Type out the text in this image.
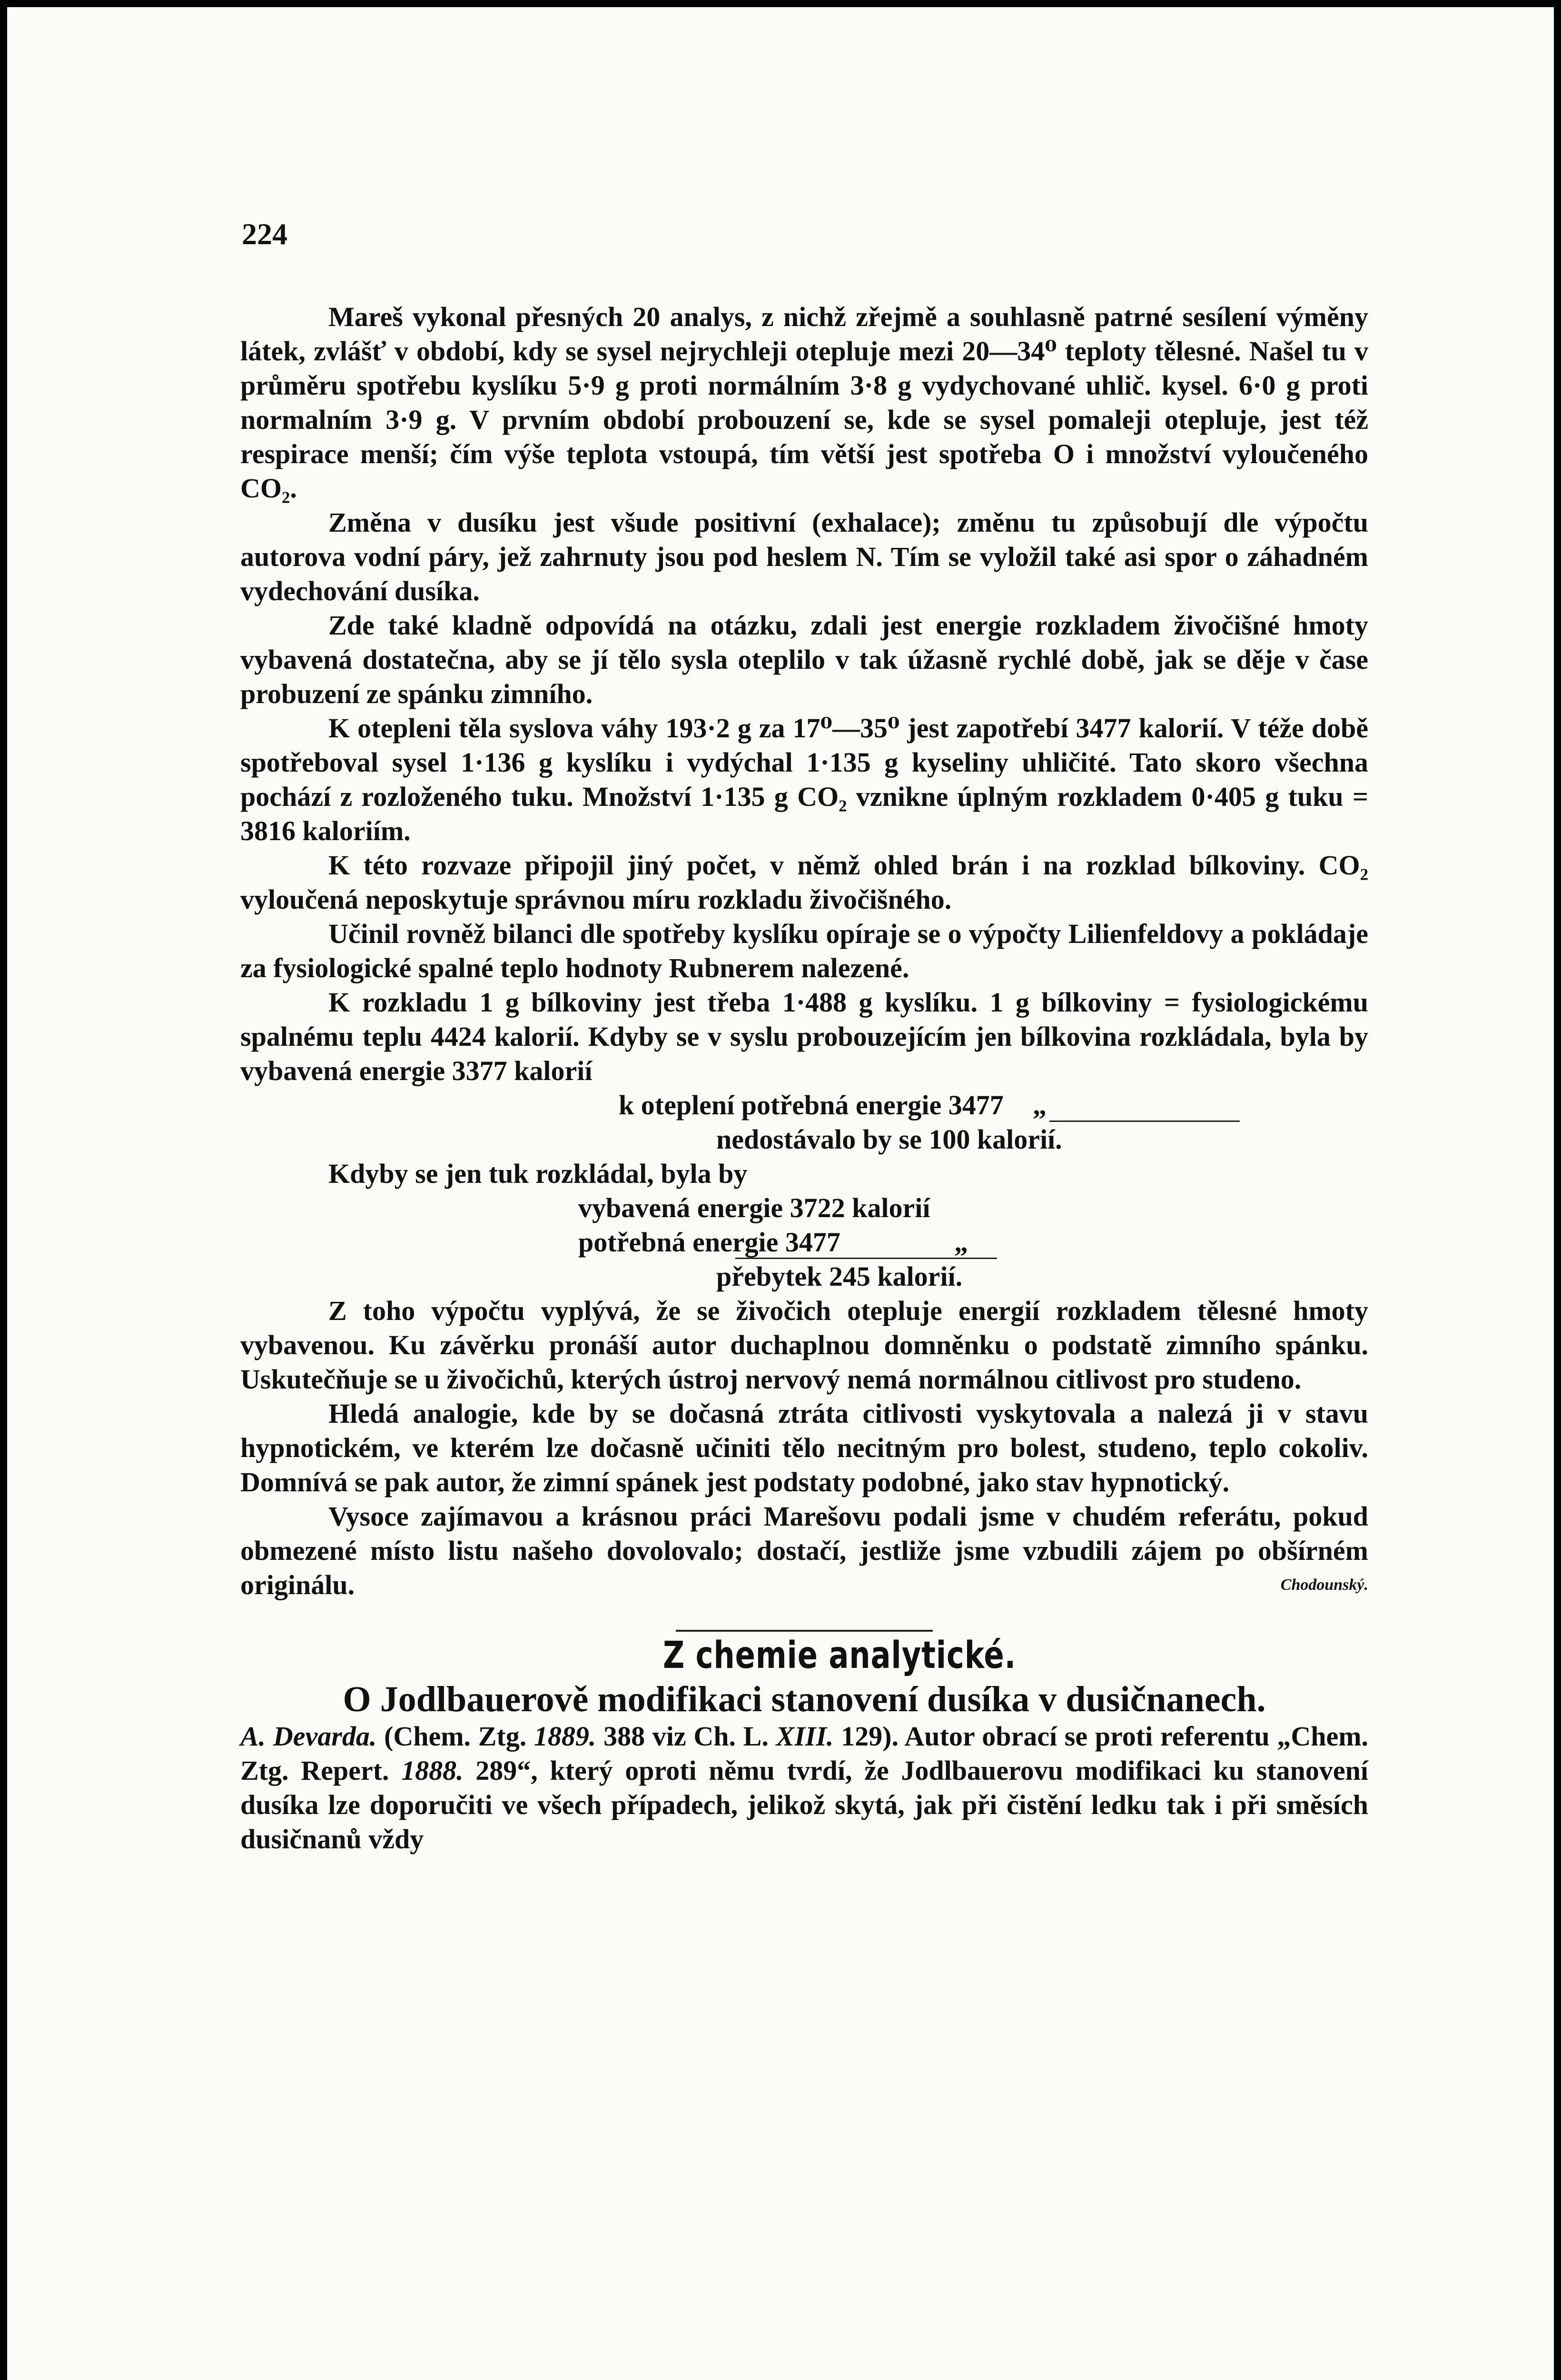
224

Mareš vykonal přesných 20 analys, z nichž zřejmě a souhlasně patrné sesílení výměny látek, zvlášť v období, kdy se sysel nejrychleji otepluje mezi 20—34⁰ teploty tělesné. Našel tu v průměru spotřebu kyslíku 5·9 g proti normálním 3·8 g vydychované uhlič. kysel. 6·0 g proti normalním 3·9 g. V prvním období probouzení se, kde se sysel pomaleji otepluje, jest též respirace menší; čím výše teplota vstoupá, tím větší jest spotřeba O i množství vyloučeného CO₂.

Změna v dusíku jest všude positivní (exhalace); změnu tu způsobují dle výpočtu autorova vodní páry, jež zahrnuty jsou pod heslem N. Tím se vyložil také asi spor o záhadném vydechování dusíka.

Zde také kladně odpovídá na otázku, zdali jest energie rozkladem živočišné hmoty vybavená dostatečna, aby se jí tělo sysla oteplilo v tak úžasně rychlé době, jak se děje v čase probuzení ze spánku zimního.

K otepleni těla syslova váhy 193·2 g za 17⁰—35⁰ jest zapotřebí 3477 kalorií. V téže době spotřeboval sysel 1·136 g kyslíku i vydýchal 1·135 g kyseliny uhličité. Tato skoro všechna pochází z rozloženého tuku. Množství 1·135 g CO₂ vznikne úplným rozkladem 0·405 g tuku = 3816 kaloriím.

K této rozvaze připojil jiný počet, v němž ohled brán i na rozklad bílkoviny. CO₂ vyloučená neposkytuje správnou míru rozkladu živočišného.

Učinil rovněž bilanci dle spotřeby kyslíku opíraje se o výpočty Lilienfeldovy a pokládaje za fysiologické spalné teplo hodnoty Rubnerem nalezené.

K rozkladu 1 g bílkoviny jest třeba 1·488 g kyslíku. 1 g bílkoviny = fysiologickému spalnému teplu 4424 kalorií. Kdyby se v syslu probouzejícím jen bílkovina rozkládala, byla by vybavená energie 3377 kalorií

k oteplení potřebná energie 3477 „
nedostávalo by se 100 kalorií.
Kdyby se jen tuk rozkládal, byla by
vybavená energie 3722 kalorií
potřebná energie 3477	„
přebytek 245 kalorií.

Z toho výpočtu vyplývá, že se živočich otepluje energií rozkladem tělesné hmoty vybavenou. Ku závěrku pronáší autor duchaplnou domněnku o podstatě zimního spánku. Uskutečňuje se u živočichů, kterých ústroj nervový nemá normálnou citlivost pro studeno.

Hledá analogie, kde by se dočasná ztráta citlivosti vyskytovala a nalezá ji v stavu hypnotickém, ve kterém lze dočasně učiniti tělo necitným pro bolest, studeno, teplo cokoliv. Domnívá se pak autor, že zimní spánek jest podstaty podobné, jako stav hypnotický.

Vysoce zajímavou a krásnou práci Marešovu podali jsme v chudém referátu, pokud obmezené místo listu našeho dovolovalo; dostačí, jestliže jsme vzbudili zájem po obšírném originálu.	Chodounský.

Z chemie analytické.

O Jodlbauerově modifikaci stanovení dusíka v dusičnanech.

A. Devarda. (Chem. Ztg. 1889. 388 viz Ch. L. XIII. 129). Autor obrací se proti referentu „Chem. Ztg. Repert. 1888. 289“, který oproti němu tvrdí, že Jodlbauerovu modifikaci ku stanovení dusíka lze doporučiti ve všech případech, jelikož skytá, jak při čistění ledku tak i při směsích dusičnanů vždy
